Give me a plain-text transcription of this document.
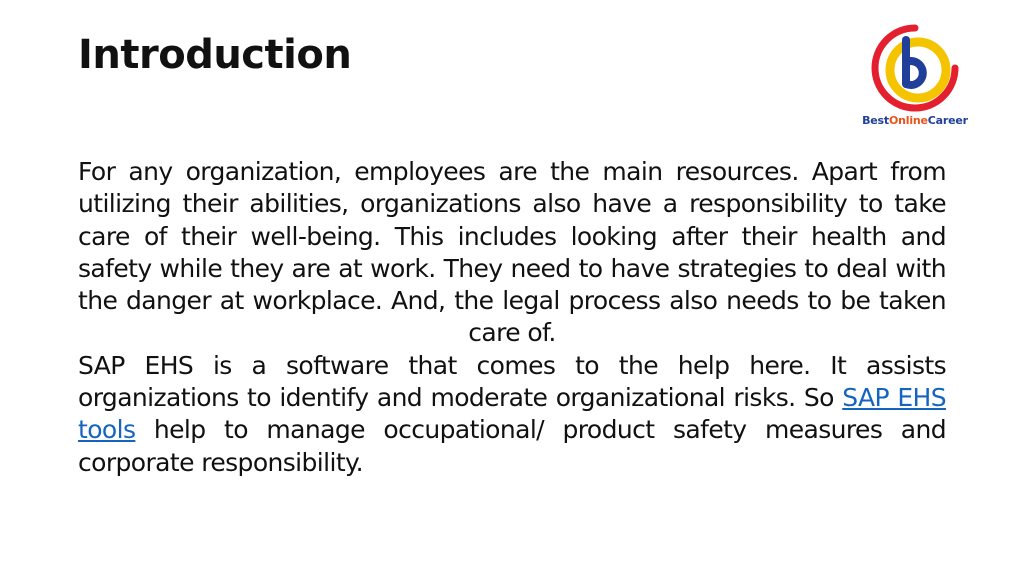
Introduction
BestOnlineCareer

For any organization, employees are the main resources. Apart from utilizing their abilities, organizations also have a responsibility to take care of their well-being. This includes looking after their health and safety while they are at work. They need to have strategies to deal with the danger at workplace. And, the legal process also needs to be taken care of.

SAP EHS is a software that comes to the help here. It assists organizations to identify and moderate organizational risks. So SAP EHS tools help to manage occupational/ product safety measures and corporate responsibility.
